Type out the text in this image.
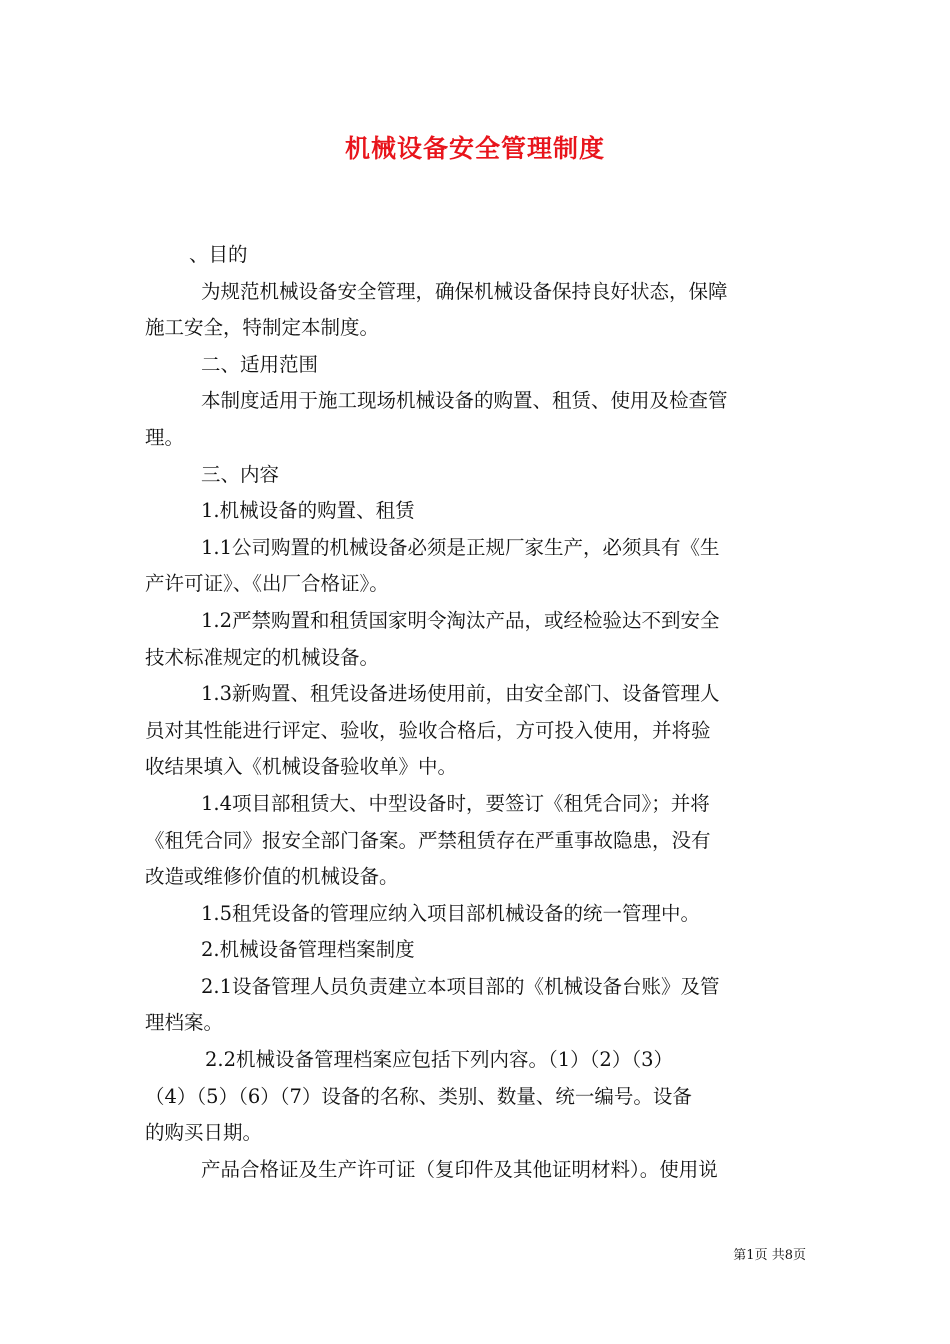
机械设备安全管理制度

、目的

为规范机械设备安全管理，确保机械设备保持良好状态，保障

施工安全，特制定本制度。

二、适用范围

本制度适用于施工现场机械设备的购置、租赁、使用及检查管

理。

三、内容

1.机械设备的购置、租赁

1.1公司购置的机械设备必须是正规厂家生产，必须具有《生

产许可证》、《出厂合格证》。

1.2严禁购置和租赁国家明令淘汰产品，或经检验达不到安全

技术标准规定的机械设备。

1.3新购置、租凭设备进场使用前，由安全部门、设备管理人

员对其性能进行评定、验收，验收合格后，方可投入使用，并将验

收结果填入《机械设备验收单》中。

1.4项目部租赁大、中型设备时，要签订《租凭合同》；并将

《租凭合同》报安全部门备案。严禁租赁存在严重事故隐患，没有

改造或维修价值的机械设备。

1.5租凭设备的管理应纳入项目部机械设备的统一管理中。

2.机械设备管理档案制度

2.1设备管理人员负责建立本项目部的《机械设备台账》及管

理档案。

2.2机械设备管理档案应包括下列内容。（1）（2）（3）

（4）（5）（6）（7）设备的名称、类别、数量、统一编号。设备

的购买日期。

产品合格证及生产许可证（复印件及其他证明材料）。使用说

第1页 共8页
